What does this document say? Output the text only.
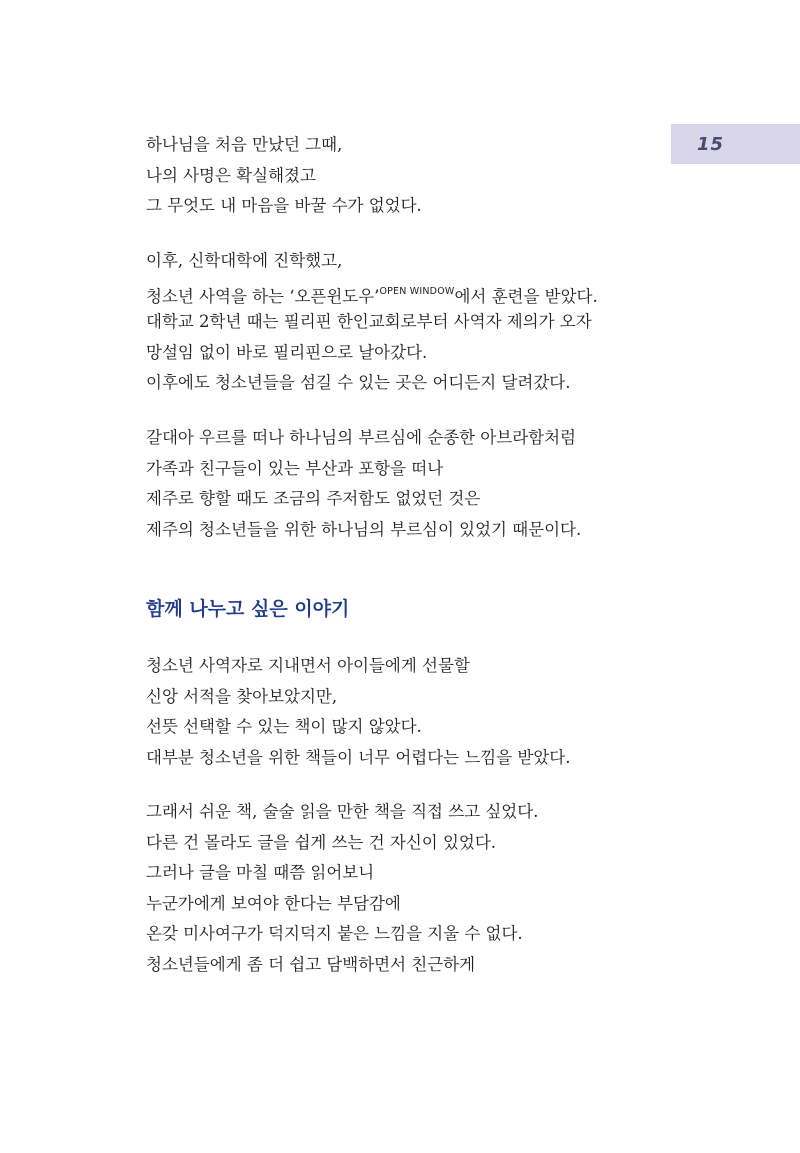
15
하나님을 처음 만났던 그때,
나의 사명은 확실해졌고
그 무엇도 내 마음을 바꿀 수가 없었다.
이후, 신학대학에 진학했고,
청소년 사역을 하는 ‘오픈윈도우’$^{OPEN WINDOW}$에서 훈련을 받았다.
대학교 2학년 때는 필리핀 한인교회로부터 사역자 제의가 오자
망설임 없이 바로 필리핀으로 날아갔다.
이후에도 청소년들을 섬길 수 있는 곳은 어디든지 달려갔다.
갈대아 우르를 떠나 하나님의 부르심에 순종한 아브라함처럼
가족과 친구들이 있는 부산과 포항을 떠나
제주로 향할 때도 조금의 주저함도 없었던 것은
제주의 청소년들을 위한 하나님의 부르심이 있었기 때문이다.
함께 나누고 싶은 이야기
청소년 사역자로 지내면서 아이들에게 선물할
신앙 서적을 찾아보았지만,
선뜻 선택할 수 있는 책이 많지 않았다.
대부분 청소년을 위한 책들이 너무 어렵다는 느낌을 받았다.
그래서 쉬운 책, 술술 읽을 만한 책을 직접 쓰고 싶었다.
다른 건 몰라도 글을 쉽게 쓰는 건 자신이 있었다.
그러나 글을 마칠 때쯤 읽어보니
누군가에게 보여야 한다는 부담감에
온갖 미사여구가 덕지덕지 붙은 느낌을 지울 수 없다.
청소년들에게 좀 더 쉽고 담백하면서 친근하게
